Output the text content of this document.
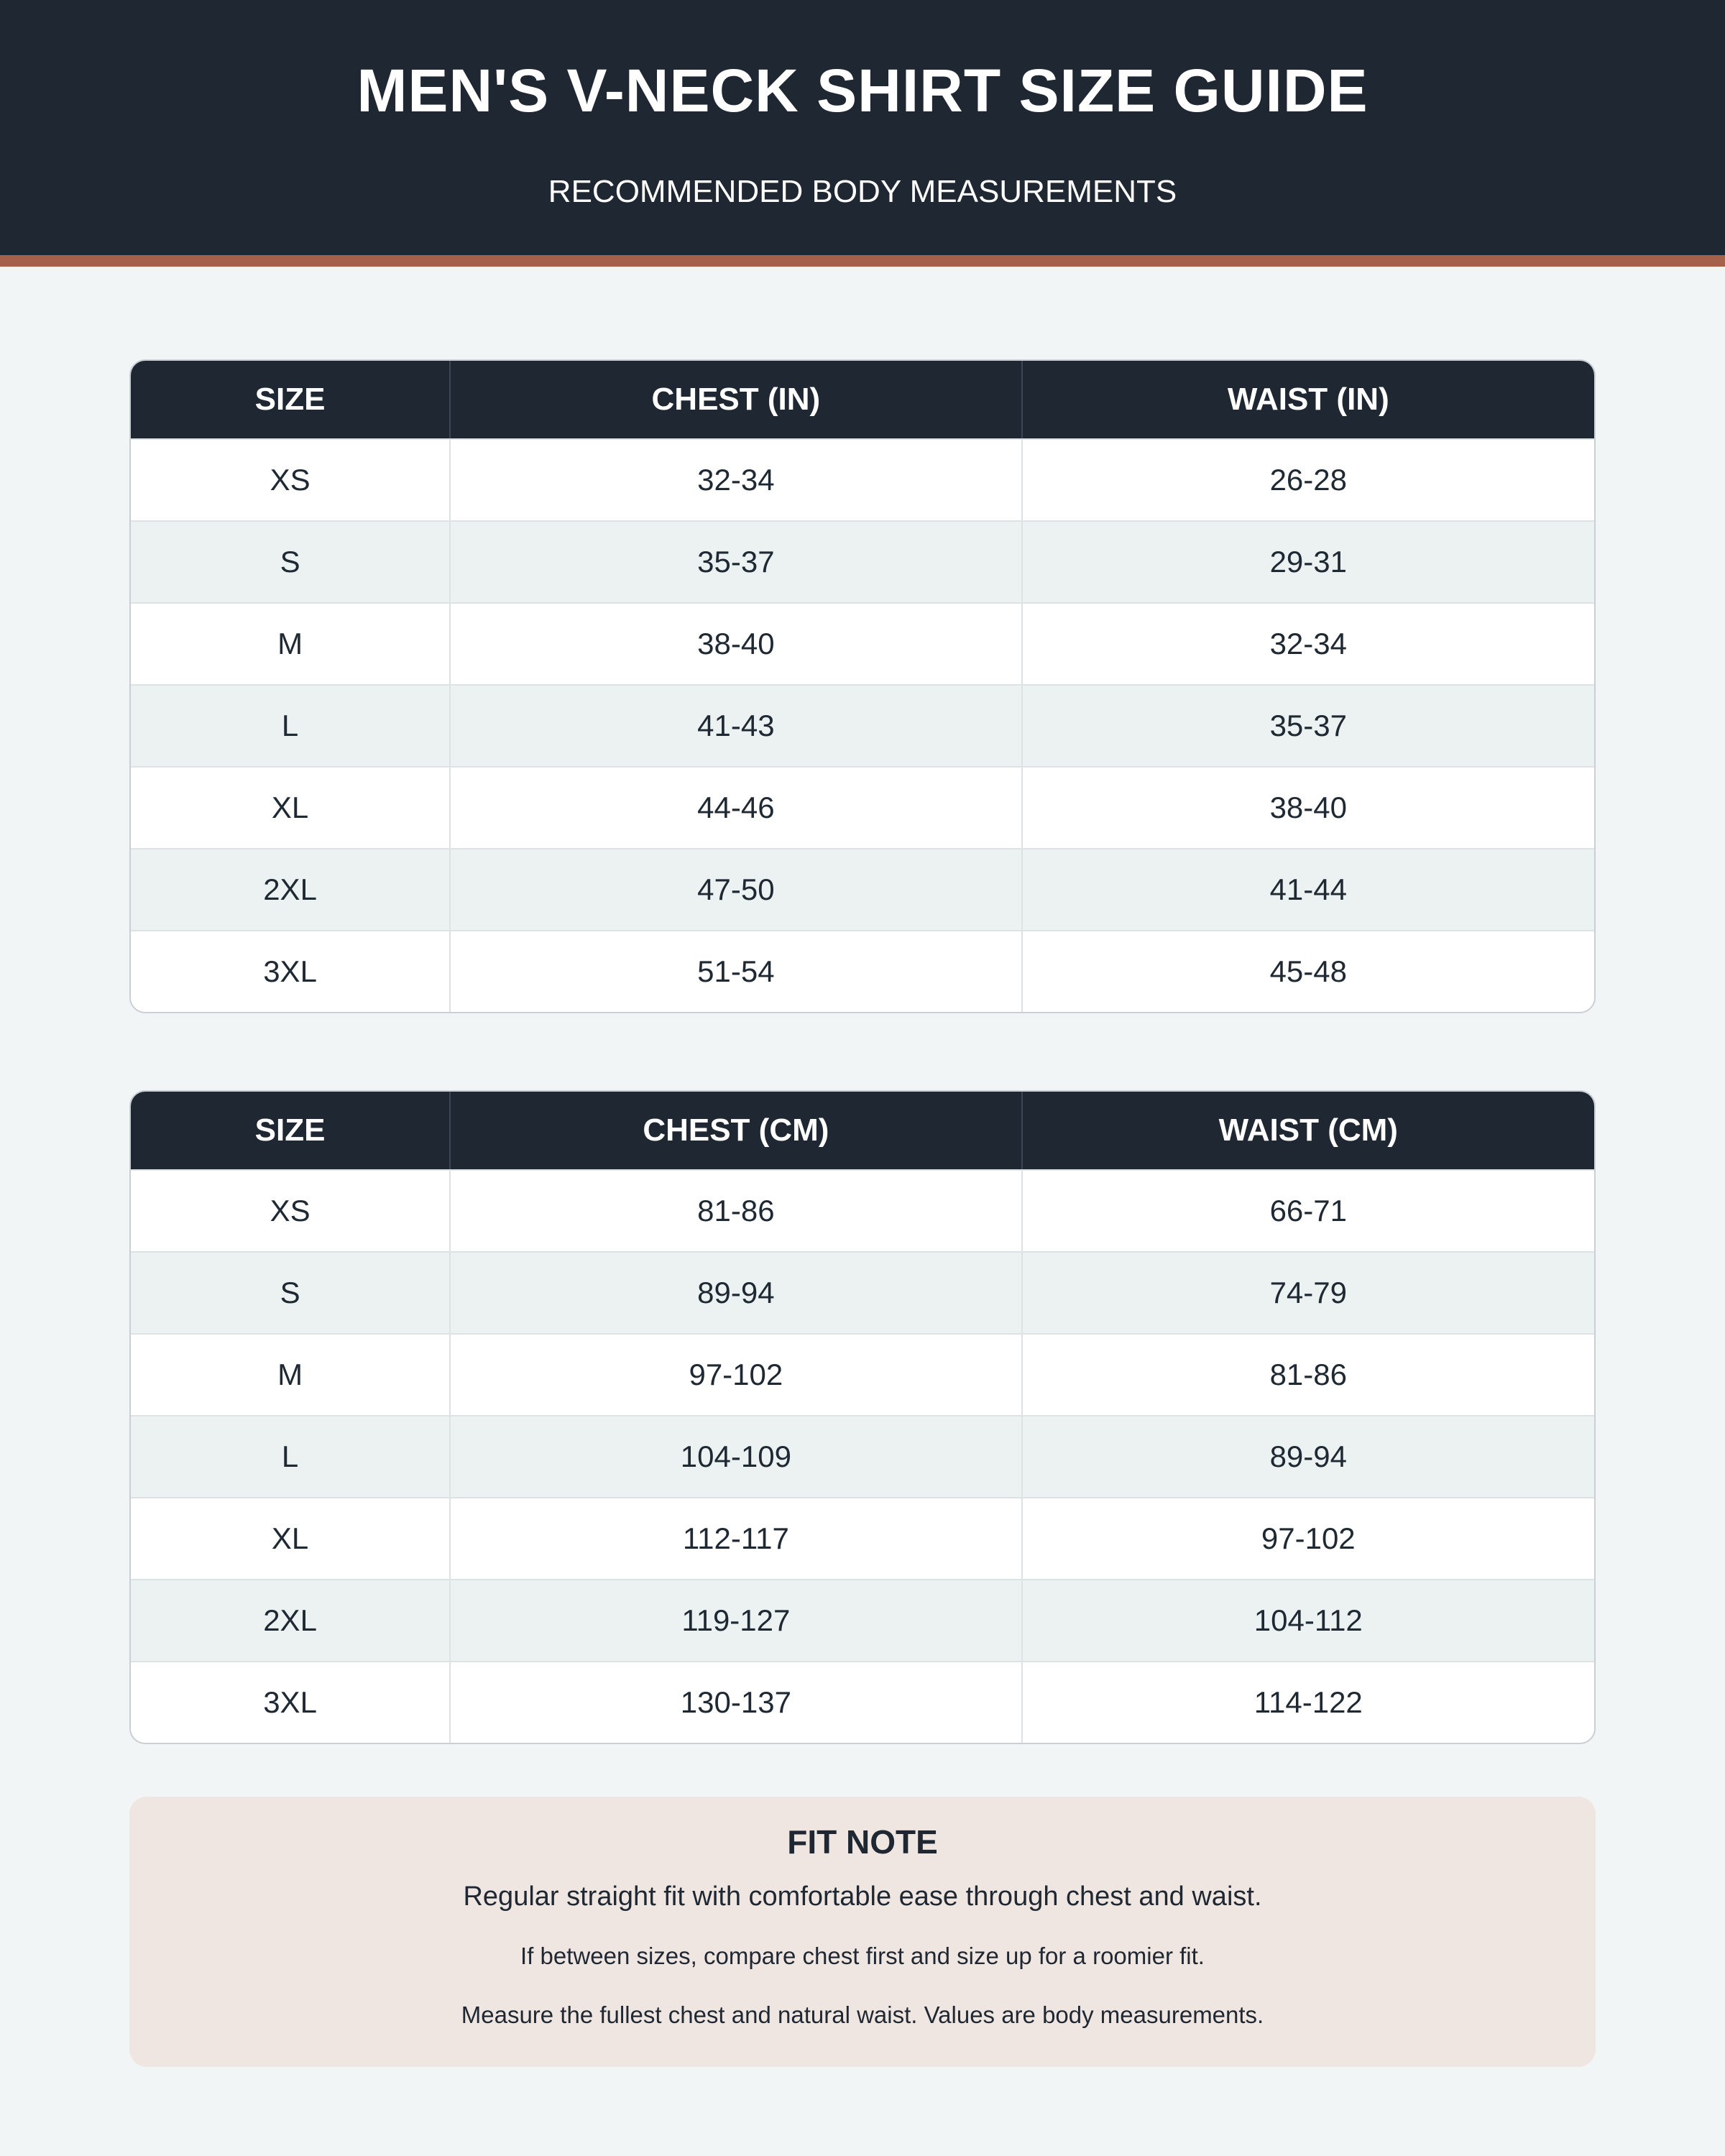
MEN'S V-NECK SHIRT SIZE GUIDE
RECOMMENDED BODY MEASUREMENTS
SIZE	CHEST (IN)	WAIST (IN)
XS	32-34	26-28
S	35-37	29-31
M	38-40	32-34
L	41-43	35-37
XL	44-46	38-40
2XL	47-50	41-44
3XL	51-54	45-48
SIZE	CHEST (CM)	WAIST (CM)
XS	81-86	66-71
S	89-94	74-79
M	97-102	81-86
L	104-109	89-94
XL	112-117	97-102
2XL	119-127	104-112
3XL	130-137	114-122
FIT NOTE
Regular straight fit with comfortable ease through chest and waist.
If between sizes, compare chest first and size up for a roomier fit.
Measure the fullest chest and natural waist. Values are body measurements.
